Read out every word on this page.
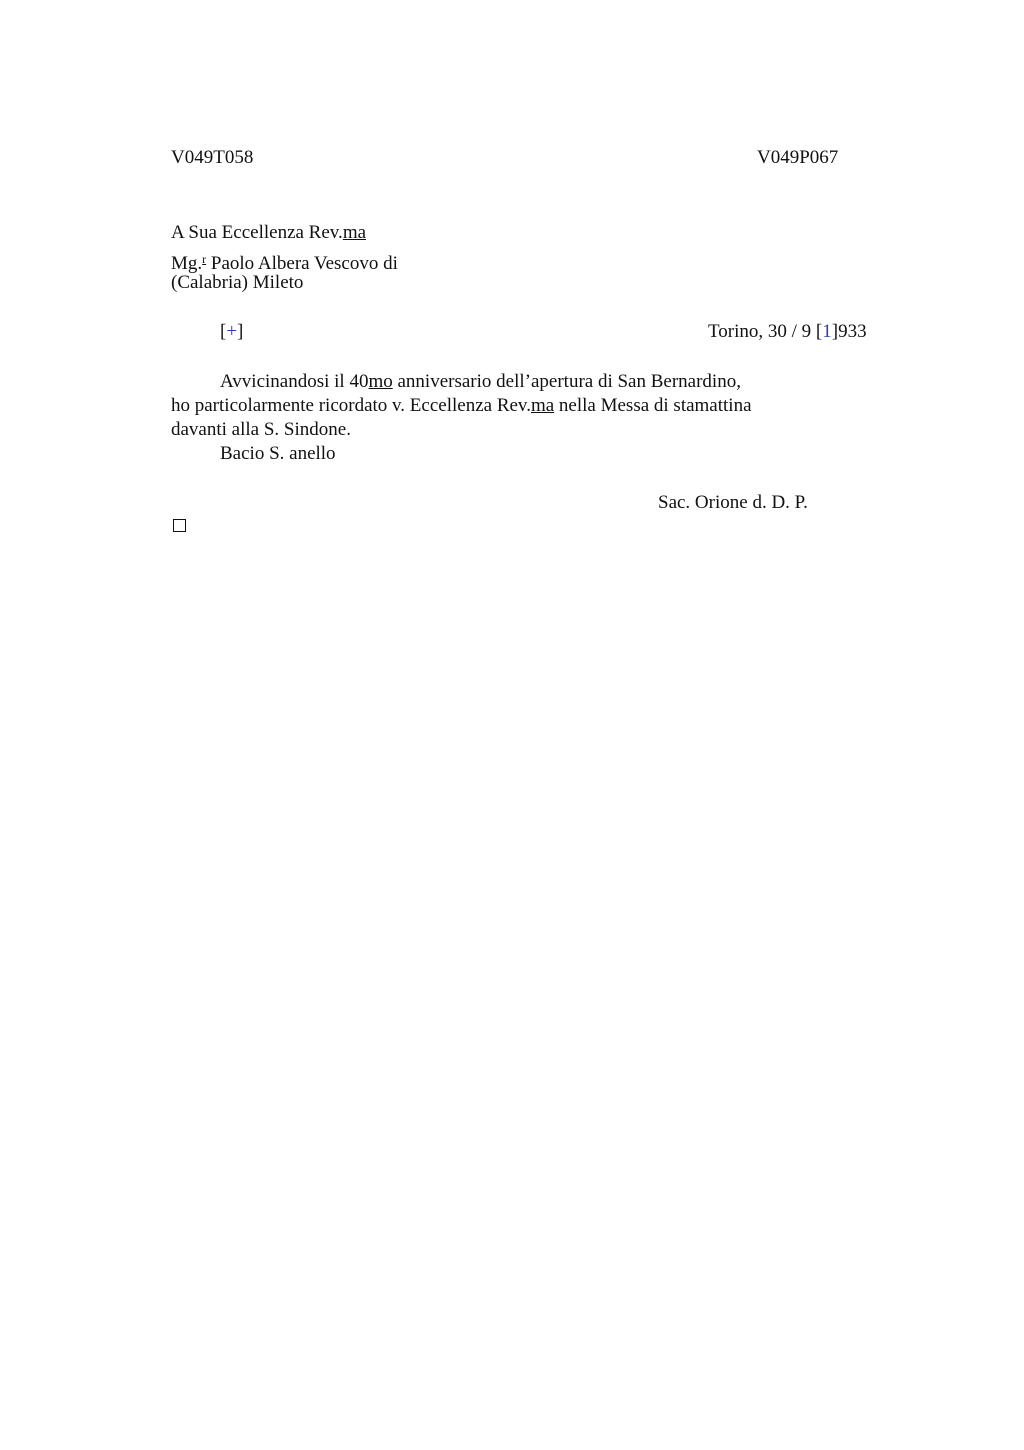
V049T058	V049P067
A Sua Eccellenza Rev.ma
Mg.$^r$ Paolo Albera Vescovo di
(Calabria) Mileto
[+]	Torino, 30 / 9 [1]933
Avvicinandosi il 40mo anniversario dell’apertura di San Bernardino,
ho particolarmente ricordato v. Eccellenza Rev.ma nella Messa di stamattina
davanti alla S. Sindone.
Bacio S. anello
Sac. Orione d. D. P.
